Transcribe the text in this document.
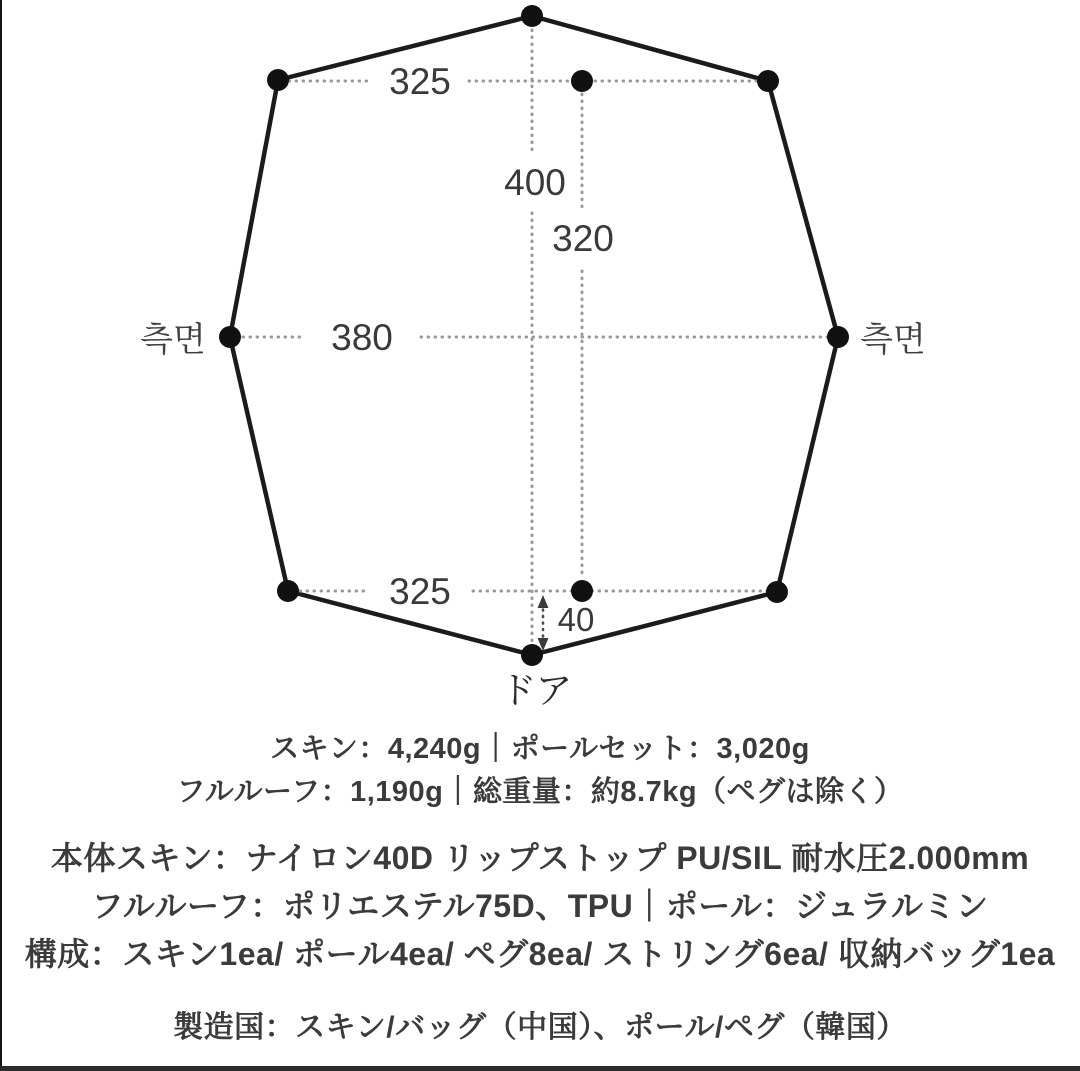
325
400
320
380
325
40
측면	측면
ドア
スキン：4,240g｜ポールセット：3,020g
フルルーフ：1,190g｜総重量：約8.7kg（ペグは除く）
本体スキン：ナイロン40D リップストップ PU/SIL 耐水圧2.000mm
フルルーフ：ポリエステル75D、TPU｜ポール：ジュラルミン
構成：スキン1ea/ ポール4ea/ ペグ8ea/ ストリング6ea/ 収納バッグ1ea
製造国：スキン/バッグ（中国）、ポール/ペグ（韓国）
